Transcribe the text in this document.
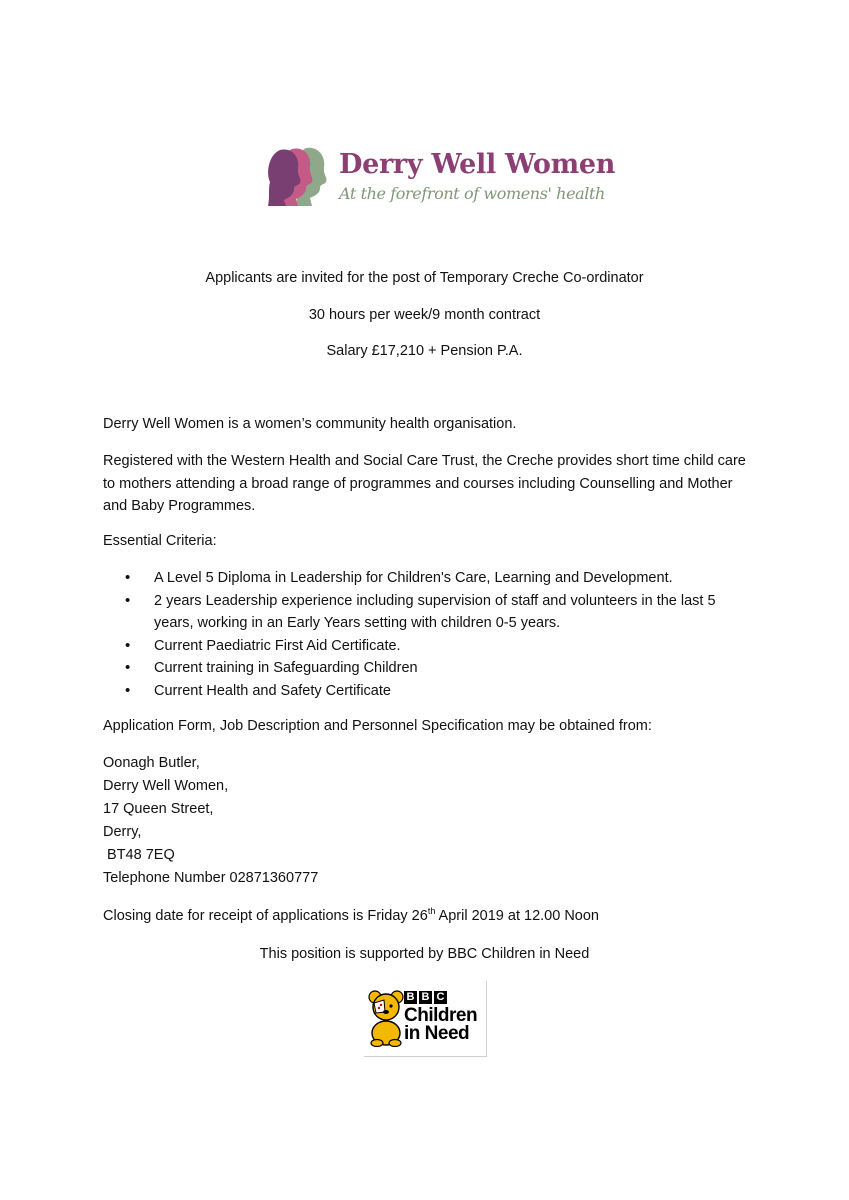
Derry Well Women
At the forefront of womens' health
Applicants are invited for the post of Temporary Creche Co-ordinator
30 hours per week/9 month contract
Salary £17,210 + Pension P.A.
Derry Well Women is a women’s community health organisation.
Registered with the Western Health and Social Care Trust, the Creche provides short time child care to mothers attending a broad range of programmes and courses including Counselling and Mother and Baby Programmes.
Essential Criteria:
• A Level 5 Diploma in Leadership for Children's Care, Learning and Development.
• 2 years Leadership experience including supervision of staff and volunteers in the last 5 years, working in an Early Years setting with children 0-5 years.
• Current Paediatric First Aid Certificate.
• Current training in Safeguarding Children
• Current Health and Safety Certificate
Application Form, Job Description and Personnel Specification may be obtained from:
Oonagh Butler,
Derry Well Women,
17 Queen Street,
Derry,
BT48 7EQ
Telephone Number 02871360777
Closing date for receipt of applications is Friday 26th April 2019 at 12.00 Noon
This position is supported by BBC Children in Need
B B C
Children
in Need
